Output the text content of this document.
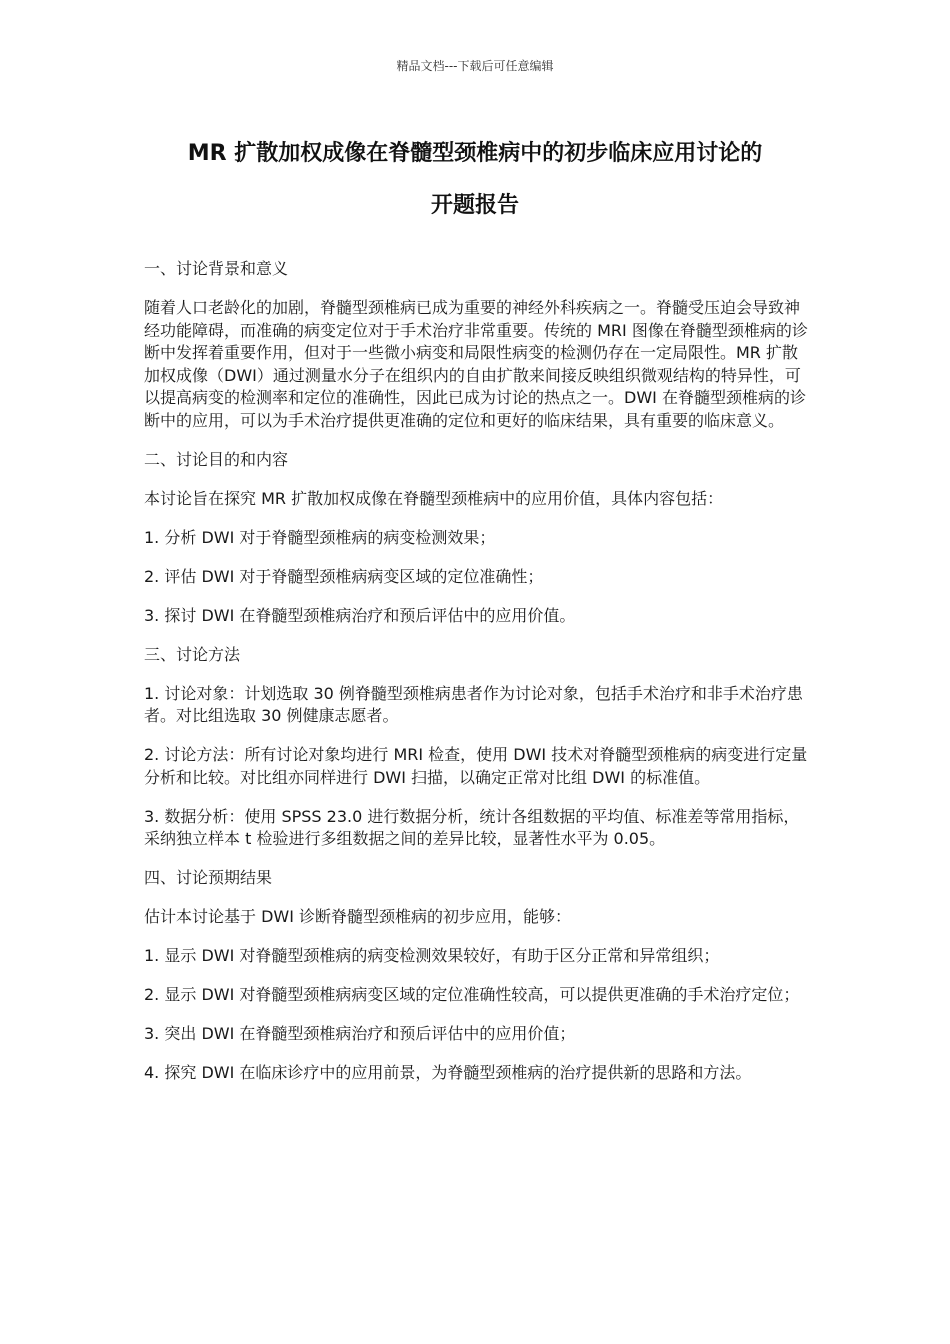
精品文档---下载后可任意编辑
MR 扩散加权成像在脊髓型颈椎病中的初步临床应用讨论的
开题报告

一、讨论背景和意义

随着人口老龄化的加剧，脊髓型颈椎病已成为重要的神经外科疾病之一。脊髓受压迫会导致神经功能障碍，而准确的病变定位对于手术治疗非常重要。传统的 MRI 图像在脊髓型颈椎病的诊断中发挥着重要作用，但对于一些微小病变和局限性病变的检测仍存在一定局限性。MR 扩散加权成像（DWI）通过测量水分子在组织内的自由扩散来间接反映组织微观结构的特异性，可以提高病变的检测率和定位的准确性，因此已成为讨论的热点之一。DWI 在脊髓型颈椎病的诊断中的应用，可以为手术治疗提供更准确的定位和更好的临床结果，具有重要的临床意义。

二、讨论目的和内容

本讨论旨在探究 MR 扩散加权成像在脊髓型颈椎病中的应用价值，具体内容包括：

1. 分析 DWI 对于脊髓型颈椎病的病变检测效果；

2. 评估 DWI 对于脊髓型颈椎病病变区域的定位准确性；

3. 探讨 DWI 在脊髓型颈椎病治疗和预后评估中的应用价值。

三、讨论方法

1. 讨论对象：计划选取 30 例脊髓型颈椎病患者作为讨论对象，包括手术治疗和非手术治疗患者。对比组选取 30 例健康志愿者。

2. 讨论方法：所有讨论对象均进行 MRI 检查，使用 DWI 技术对脊髓型颈椎病的病变进行定量分析和比较。对比组亦同样进行 DWI 扫描，以确定正常对比组 DWI 的标准值。

3. 数据分析：使用 SPSS 23.0 进行数据分析，统计各组数据的平均值、标准差等常用指标，采纳独立样本 t 检验进行多组数据之间的差异比较，显著性水平为 0.05。

四、讨论预期结果

估计本讨论基于 DWI 诊断脊髓型颈椎病的初步应用，能够：

1. 显示 DWI 对脊髓型颈椎病的病变检测效果较好，有助于区分正常和异常组织；

2. 显示 DWI 对脊髓型颈椎病病变区域的定位准确性较高，可以提供更准确的手术治疗定位；

3. 突出 DWI 在脊髓型颈椎病治疗和预后评估中的应用价值；

4. 探究 DWI 在临床诊疗中的应用前景，为脊髓型颈椎病的治疗提供新的思路和方法。
